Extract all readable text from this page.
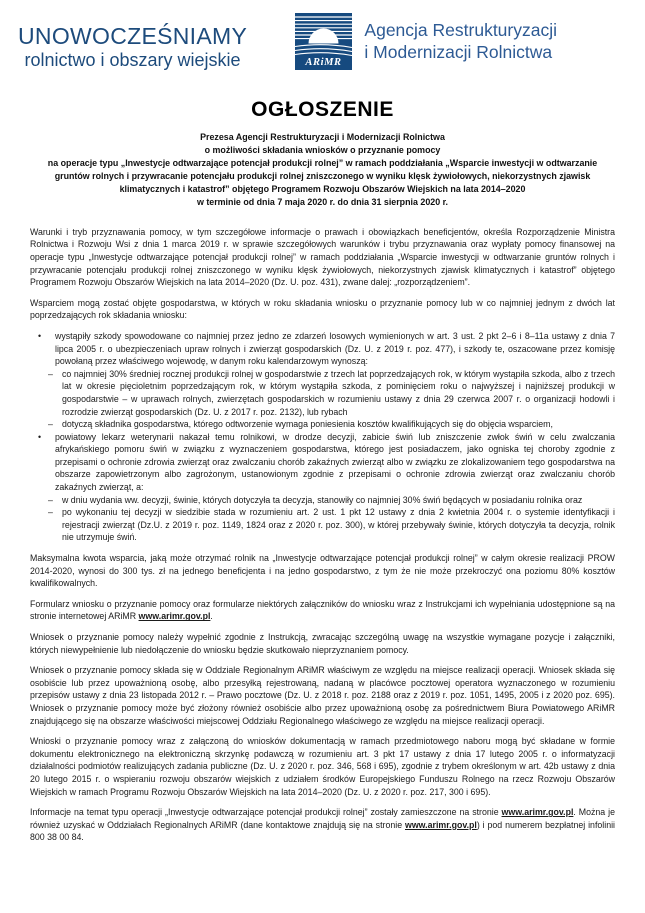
UNOWOCZEŚNIAMY
rolnictwo i obszary wiejskie	ARiMR
Agencja Restrukturyzacji
i Modernizacji Rolnictwa
OGŁOSZENIE
Prezesa Agencji Restrukturyzacji i Modernizacji Rolnictwa
o możliwości składania wniosków o przyznanie pomocy
na operacje typu „Inwestycje odtwarzające potencjał produkcji rolnej” w ramach poddziałania „Wsparcie inwestycji w odtwarzanie
gruntów rolnych i przywracanie potencjału produkcji rolnej zniszczonego w wyniku klęsk żywiołowych, niekorzystnych zjawisk
klimatycznych i katastrof” objętego Programem Rozwoju Obszarów Wiejskich na lata 2014–2020
w terminie od dnia 7 maja 2020 r. do dnia 31 sierpnia 2020 r.

Warunki i tryb przyznawania pomocy, w tym szczegółowe informacje o prawach i obowiązkach beneficjentów, określa Rozporządzenie Ministra Rolnictwa i Rozwoju Wsi z dnia 1 marca 2019 r. w sprawie szczegółowych warunków i trybu przyznawania oraz wypłaty pomocy finansowej na operacje typu „Inwestycje odtwarzające potencjał produkcji rolnej” w ramach poddziałania „Wsparcie inwestycji w odtwarzanie gruntów rolnych i przywracanie potencjału produkcji rolnej zniszczonego w wyniku klęsk żywiołowych, niekorzystnych zjawisk klimatycznych i katastrof” objętego Programem Rozwoju Obszarów Wiejskich na lata 2014–2020 (Dz. U. poz. 431), zwane dalej: „rozporządzeniem”.

Wsparciem mogą zostać objęte gospodarstwa, w których w roku składania wniosku o przyznanie pomocy lub w co najmniej jednym z dwóch lat poprzedzających rok składania wniosku:

• wystąpiły szkody spowodowane co najmniej przez jedno ze zdarzeń losowych wymienionych w art. 3 ust. 2 pkt 2–6 i 8–11a ustawy z dnia 7 lipca 2005 r. o ubezpieczeniach upraw rolnych i zwierząt gospodarskich (Dz. U. z 2019 r. poz. 477), i szkody te, oszacowane przez komisję powołaną przez właściwego wojewodę, w danym roku kalendarzowym wynoszą:
– co najmniej 30% średniej rocznej produkcji rolnej w gospodarstwie z trzech lat poprzedzających rok, w którym wystąpiła szkoda, albo z trzech lat w okresie pięcioletnim poprzedzającym rok, w którym wystąpiła szkoda, z pominięciem roku o najwyższej i najniższej produkcji w gospodarstwie – w uprawach rolnych, zwierzętach gospodarskich w rozumieniu ustawy z dnia 29 czerwca 2007 r. o organizacji hodowli i rozrodzie zwierząt gospodarskich (Dz. U. z 2017 r. poz. 2132), lub rybach
– dotyczą składnika gospodarstwa, którego odtworzenie wymaga poniesienia kosztów kwalifikujących się do objęcia wsparciem,
• powiatowy lekarz weterynarii nakazał temu rolnikowi, w drodze decyzji, zabicie świń lub zniszczenie zwłok świń w celu zwalczania afrykańskiego pomoru świń w związku z wyznaczeniem gospodarstwa, którego jest posiadaczem, jako ogniska tej choroby zgodnie z przepisami o ochronie zdrowia zwierząt oraz zwalczaniu chorób zakaźnych zwierząt albo w związku ze zlokalizowaniem tego gospodarstwa na obszarze zapowietrzonym albo zagrożonym, ustanowionym zgodnie z przepisami o ochronie zdrowia zwierząt oraz zwalczaniu chorób zakaźnych zwierząt, a:
– w dniu wydania ww. decyzji, świnie, których dotyczyła ta decyzja, stanowiły co najmniej 30% świń będących w posiadaniu rolnika oraz
– po wykonaniu tej decyzji w siedzibie stada w rozumieniu art. 2 ust. 1 pkt 12 ustawy z dnia 2 kwietnia 2004 r. o systemie identyfikacji i rejestracji zwierząt (Dz.U. z 2019 r. poz. 1149, 1824 oraz z 2020 r. poz. 300), w której przebywały świnie, których dotyczyła ta decyzja, rolnik nie utrzymuje świń.

Maksymalna kwota wsparcia, jaką może otrzymać rolnik na „Inwestycje odtwarzające potencjał produkcji rolnej” w całym okresie realizacji PROW 2014-2020, wynosi do 300 tys. zł na jednego beneficjenta i na jedno gospodarstwo, z tym że nie może przekroczyć ona poziomu 80% kosztów kwalifikowalnych.

Formularz wniosku o przyznanie pomocy oraz formularze niektórych załączników do wniosku wraz z Instrukcjami ich wypełniania udostępnione są na stronie internetowej ARiMR www.arimr.gov.pl.

Wniosek o przyznanie pomocy należy wypełnić zgodnie z Instrukcją, zwracając szczególną uwagę na wszystkie wymagane pozycje i załączniki, których niewypełnienie lub niedołączenie do wniosku będzie skutkowało nieprzyznaniem pomocy.

Wniosek o przyznanie pomocy składa się w Oddziale Regionalnym ARiMR właściwym ze względu na miejsce realizacji operacji. Wniosek składa się osobiście lub przez upoważnioną osobę, albo przesyłką rejestrowaną, nadaną w placówce pocztowej operatora wyznaczonego w rozumieniu przepisów ustawy z dnia 23 listopada 2012 r. – Prawo pocztowe (Dz. U. z 2018 r. poz. 2188 oraz z 2019 r. poz. 1051, 1495, 2005 i z 2020 poz. 695). Wniosek o przyznanie pomocy może być złożony również osobiście albo przez upoważnioną osobę za pośrednictwem Biura Powiatowego ARiMR znajdującego się na obszarze właściwości miejscowej Oddziału Regionalnego właściwego ze względu na miejsce realizacji operacji.

Wnioski o przyznanie pomocy wraz z załączoną do wniosków dokumentacją w ramach przedmiotowego naboru mogą być składane w formie dokumentu elektronicznego na elektroniczną skrzynkę podawczą w rozumieniu art. 3 pkt 17 ustawy z dnia 17 lutego 2005 r. o informatyzacji działalności podmiotów realizujących zadania publiczne (Dz. U. z 2020 r. poz. 346, 568 i 695), zgodnie z trybem określonym w art. 42b ustawy z dnia 20 lutego 2015 r. o wspieraniu rozwoju obszarów wiejskich z udziałem środków Europejskiego Funduszu Rolnego na rzecz Rozwoju Obszarów Wiejskich w ramach Programu Rozwoju Obszarów Wiejskich na lata 2014–2020 (Dz. U. z 2020 r. poz. 217, 300 i 695).

Informacje na temat typu operacji „Inwestycje odtwarzające potencjał produkcji rolnej” zostały zamieszczone na stronie www.arimr.gov.pl. Można je również uzyskać w Oddziałach Regionalnych ARiMR (dane kontaktowe znajdują się na stronie www.arimr.gov.pl) i pod numerem bezpłatnej infolinii 800 38 00 84.
